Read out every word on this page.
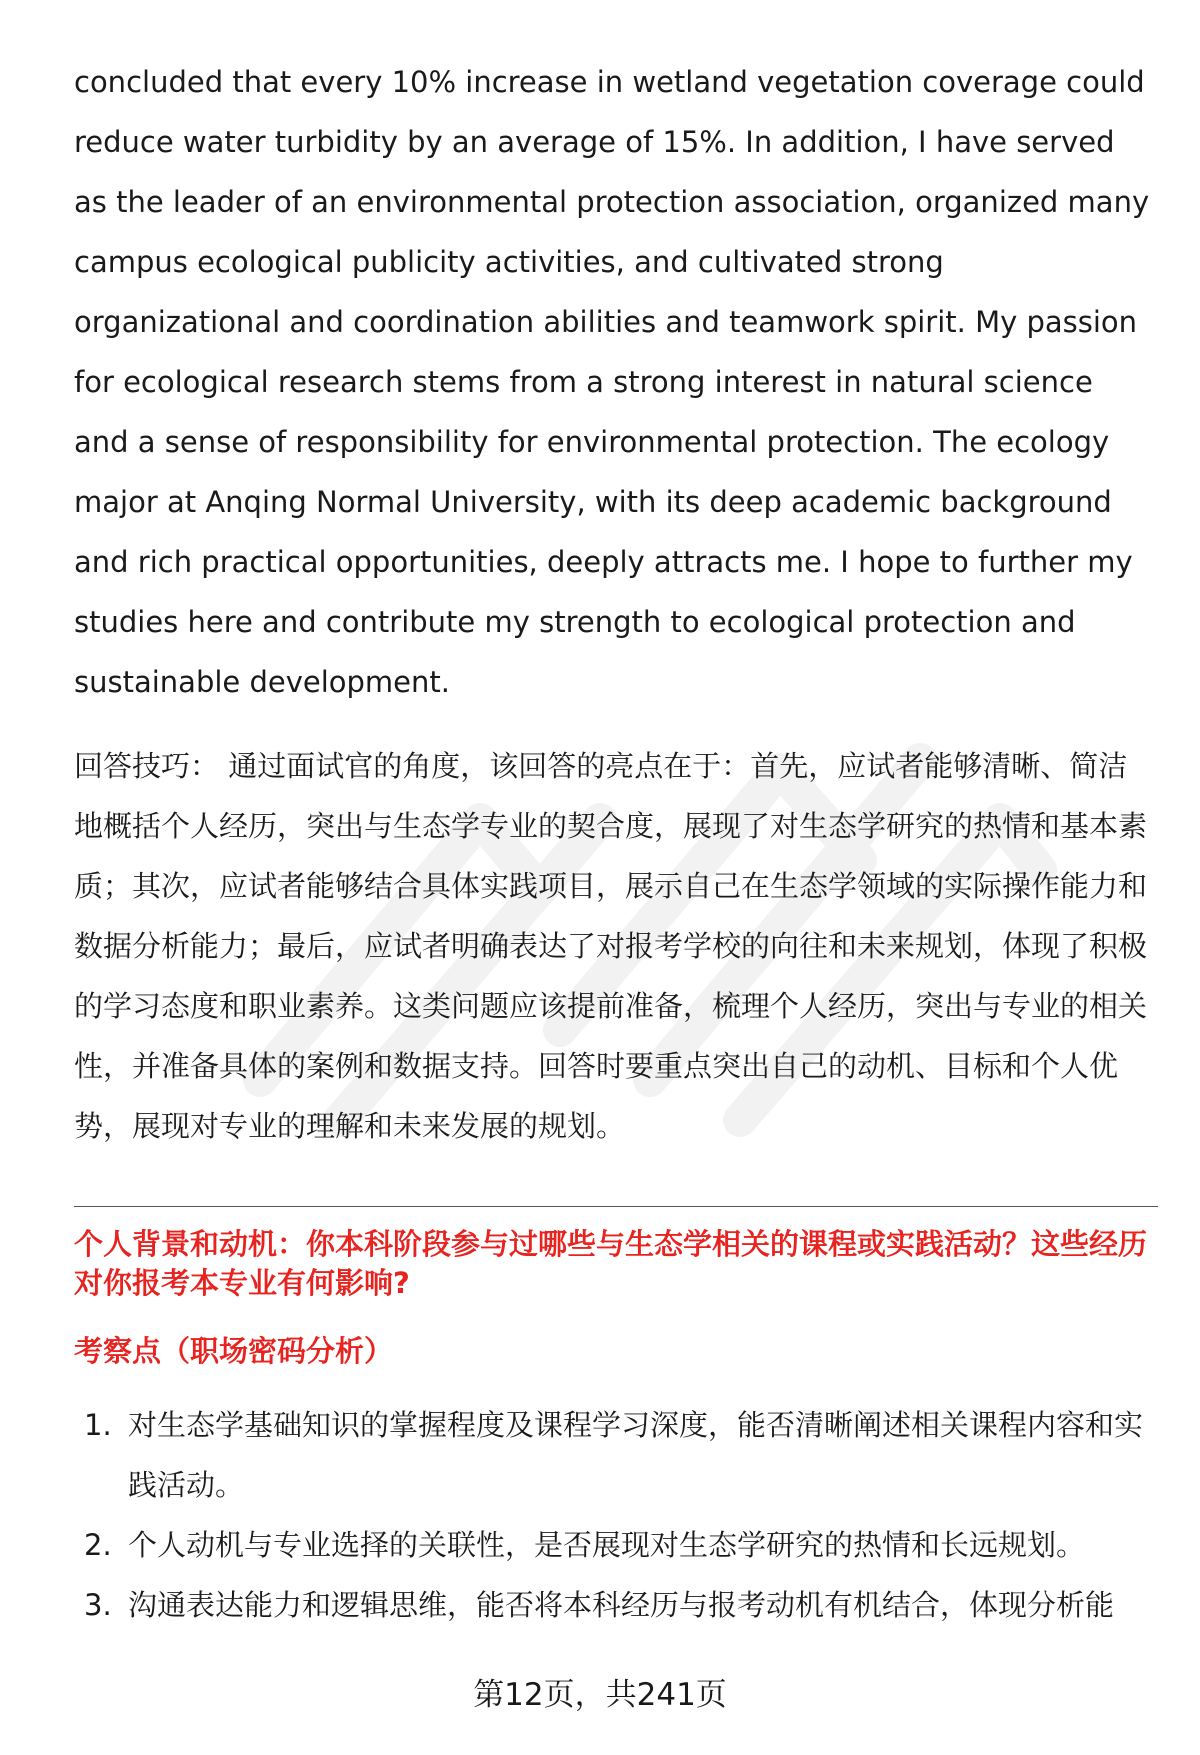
concluded that every 10% increase in wetland vegetation coverage could reduce water turbidity by an average of 15%. In addition, I have served as the leader of an environmental protection association, organized many campus ecological publicity activities, and cultivated strong organizational and coordination abilities and teamwork spirit. My passion for ecological research stems from a strong interest in natural science and a sense of responsibility for environmental protection. The ecology major at Anqing Normal University, with its deep academic background and rich practical opportunities, deeply attracts me. I hope to further my studies here and contribute my strength to ecological protection and sustainable development.

回答技巧： 通过面试官的角度，该回答的亮点在于：首先，应试者能够清晰、简洁地概括个人经历，突出与生态学专业的契合度，展现了对生态学研究的热情和基本素质；其次，应试者能够结合具体实践项目，展示自己在生态学领域的实际操作能力和数据分析能力；最后，应试者明确表达了对报考学校的向往和未来规划，体现了积极的学习态度和职业素养。这类问题应该提前准备，梳理个人经历，突出与专业的相关性，并准备具体的案例和数据支持。回答时要重点突出自己的动机、目标和个人优势，展现对专业的理解和未来发展的规划。

个人背景和动机：你本科阶段参与过哪些与生态学相关的课程或实践活动？这些经历对你报考本专业有何影响?

考察点（职场密码分析）

1. 对生态学基础知识的掌握程度及课程学习深度，能否清晰阐述相关课程内容和实践活动。
2. 个人动机与专业选择的关联性，是否展现对生态学研究的热情和长远规划。
3. 沟通表达能力和逻辑思维，能否将本科经历与报考动机有机结合，体现分析能
第12页，共241页
